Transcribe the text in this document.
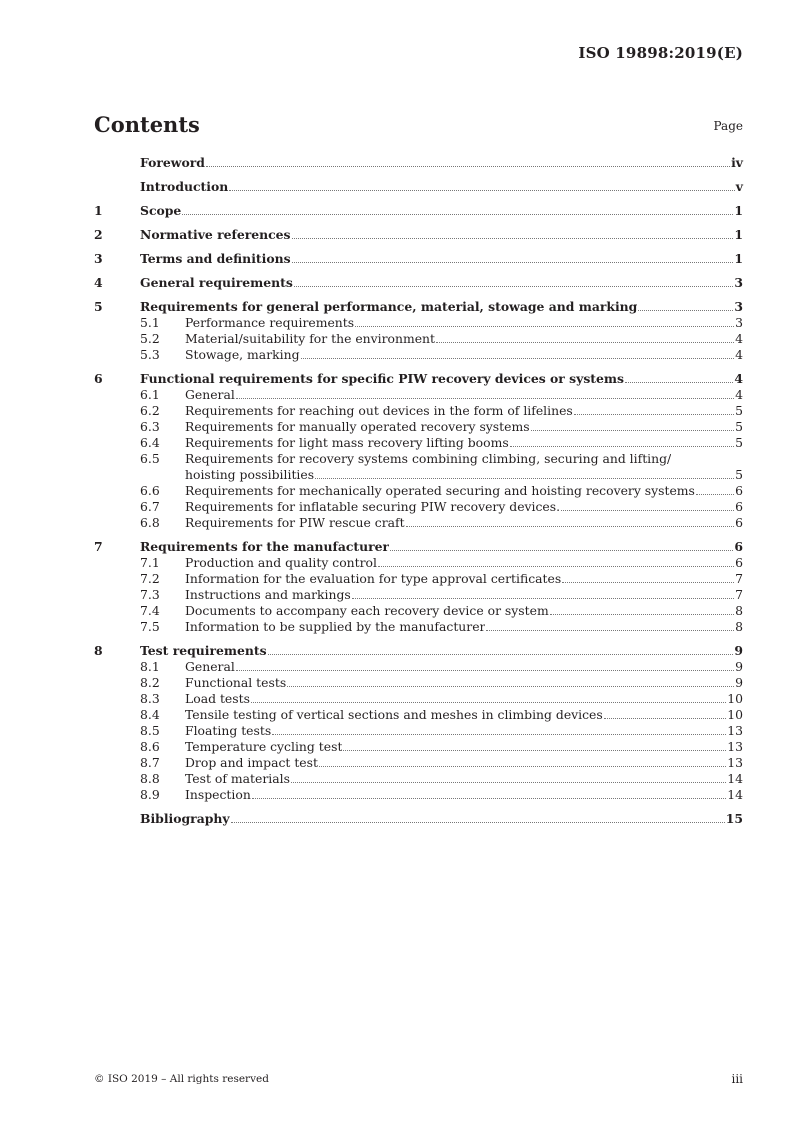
ISO 19898:2019(E)
Contents	Page
Foreword	iv
Introduction	v
1	Scope	1
2	Normative references	1
3	Terms and definitions	1
4	General requirements	3
5	Requirements for general performance, material, stowage and marking	3
5.1	Performance requirements	3
5.2	Material/suitability for the environment	4
5.3	Stowage, marking	4
6	Functional requirements for specific PIW recovery devices or systems	4
6.1	General	4
6.2	Requirements for reaching out devices in the form of lifelines	5
6.3	Requirements for manually operated recovery systems	5
6.4	Requirements for light mass recovery lifting booms	5
6.5	Requirements for recovery systems combining climbing, securing and lifting/
hoisting possibilities	5
6.6	Requirements for mechanically operated securing and hoisting recovery systems	6
6.7	Requirements for inflatable securing PIW recovery devices.	6
6.8	Requirements for PIW rescue craft	6
7	Requirements for the manufacturer	6
7.1	Production and quality control	6
7.2	Information for the evaluation for type approval certificates	7
7.3	Instructions and markings	7
7.4	Documents to accompany each recovery device or system	8
7.5	Information to be supplied by the manufacturer	8
8	Test requirements	9
8.1	General	9
8.2	Functional tests	9
8.3	Load tests	10
8.4	Tensile testing of vertical sections and meshes in climbing devices	10
8.5	Floating tests	13
8.6	Temperature cycling test	13
8.7	Drop and impact test	13
8.8	Test of materials	14
8.9	Inspection	14
Bibliography	15
© ISO 2019 – All rights reserved	iii
